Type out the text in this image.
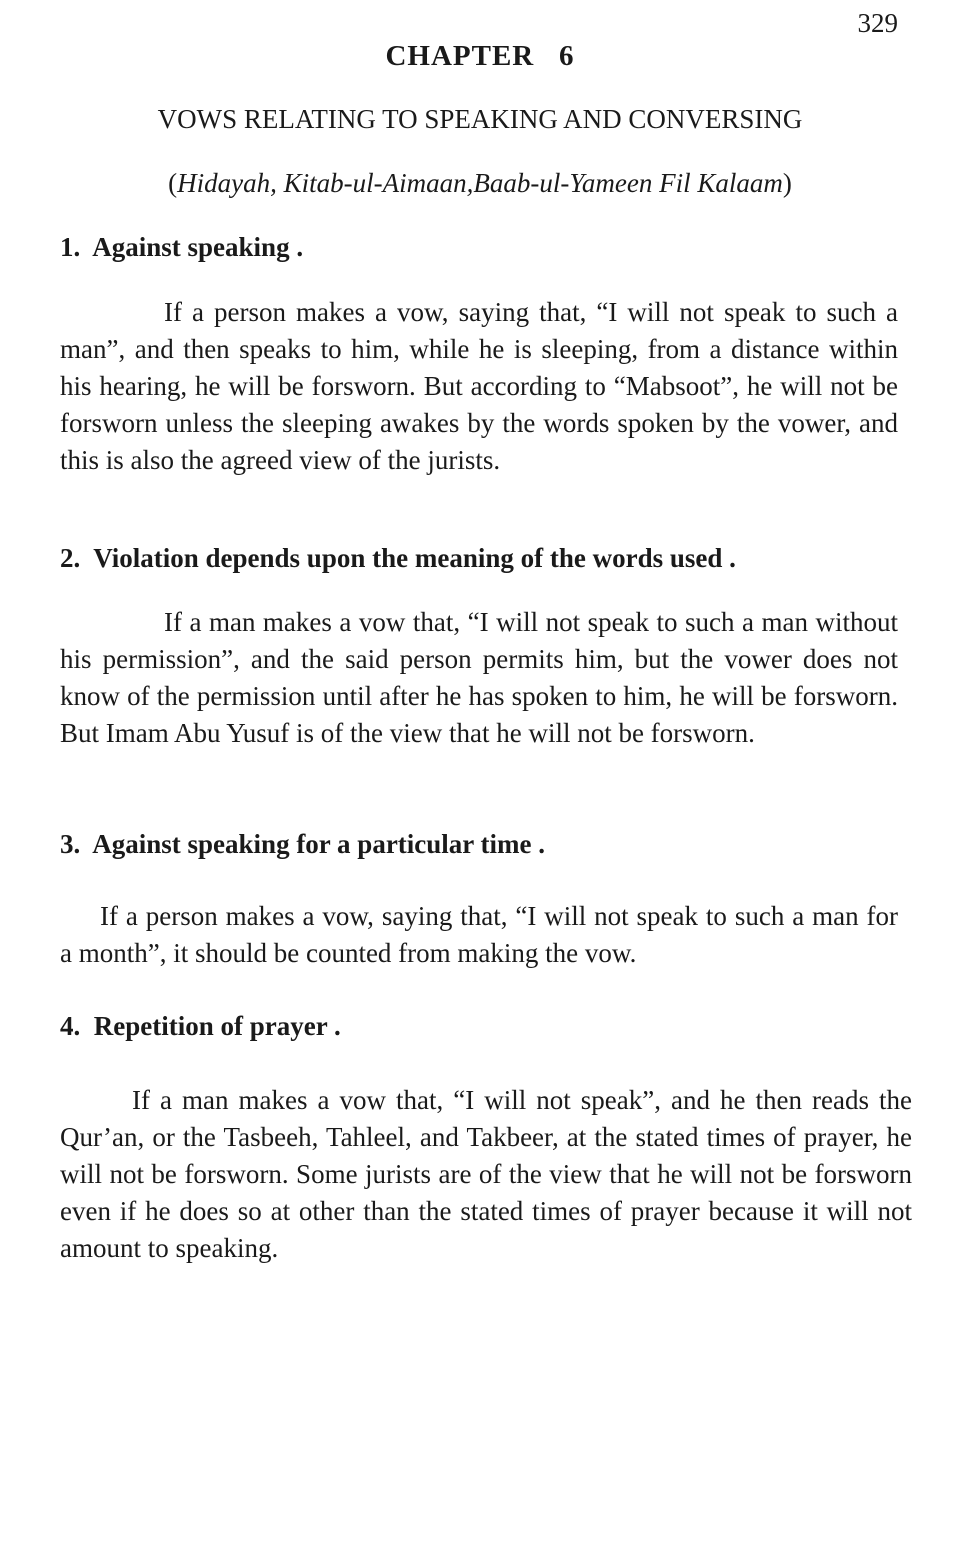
329
CHAPTER   6
VOWS RELATING TO SPEAKING AND CONVERSING
(Hidayah, Kitab-ul-Aimaan,Baab-ul-Yameen Fil Kalaam)
1.  Against speaking .

If a person makes a vow, saying that, “I will not speak to such a man”, and then speaks to him, while he is sleeping, from a distance within his hearing, he will be forsworn. But according to “Mabsoot”, he will not be forsworn unless the sleeping awakes by the words spoken by the vower, and this is also the agreed view of the jurists.

2.  Violation depends upon the meaning of the words used .

If a man makes a vow that, “I will not speak to such a man without his permission”, and the said person permits him, but the vower does not know of the permission until after he has spoken to him, he will be forsworn. But Imam Abu Yusuf is of the view that he will not be forsworn.

3.  Against speaking for a particular time .

If a person makes a vow, saying that, “I will not speak to such a man for a month”, it should be counted from making the vow.

4.  Repetition of prayer .

If a man makes a vow that, “I will not speak”, and he then reads the Qur’an, or the Tasbeeh, Tahleel, and Takbeer, at the stated times of prayer, he will not be forsworn. Some jurists are of the view that he will not be forsworn even if he does so at other than the stated times of prayer because it will not amount to speaking.
